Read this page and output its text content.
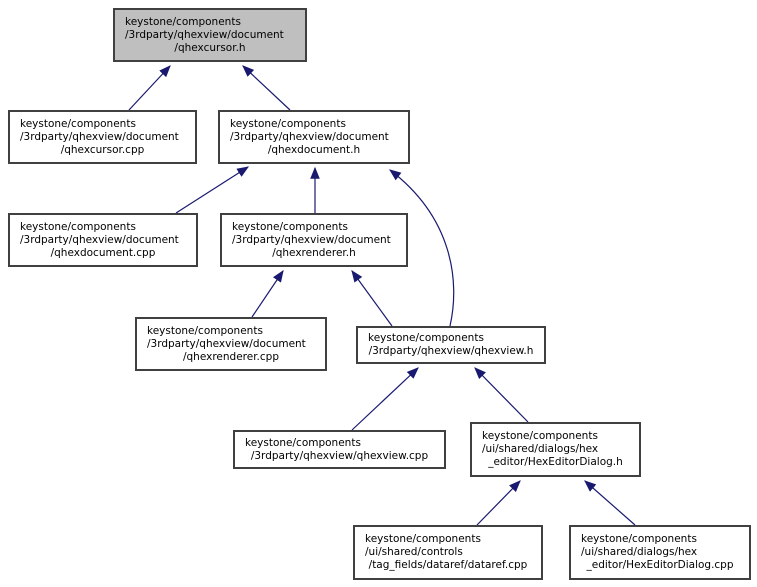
keystone/components
/3rdparty/qhexview/document
/qhexcursor.h
keystone/components
/3rdparty/qhexview/document
/qhexcursor.cpp
keystone/components
/3rdparty/qhexview/document
/qhexdocument.h
keystone/components
/3rdparty/qhexview/document
/qhexdocument.cpp
keystone/components
/3rdparty/qhexview/document
/qhexrenderer.h
keystone/components
/3rdparty/qhexview/document
/qhexrenderer.cpp
keystone/components
/3rdparty/qhexview/qhexview.h
keystone/components
/3rdparty/qhexview/qhexview.cpp
keystone/components
/ui/shared/dialogs/hex
_editor/HexEditorDialog.h
keystone/components
/ui/shared/controls
/tag_fields/dataref/dataref.cpp
keystone/components
/ui/shared/dialogs/hex
_editor/HexEditorDialog.cpp
